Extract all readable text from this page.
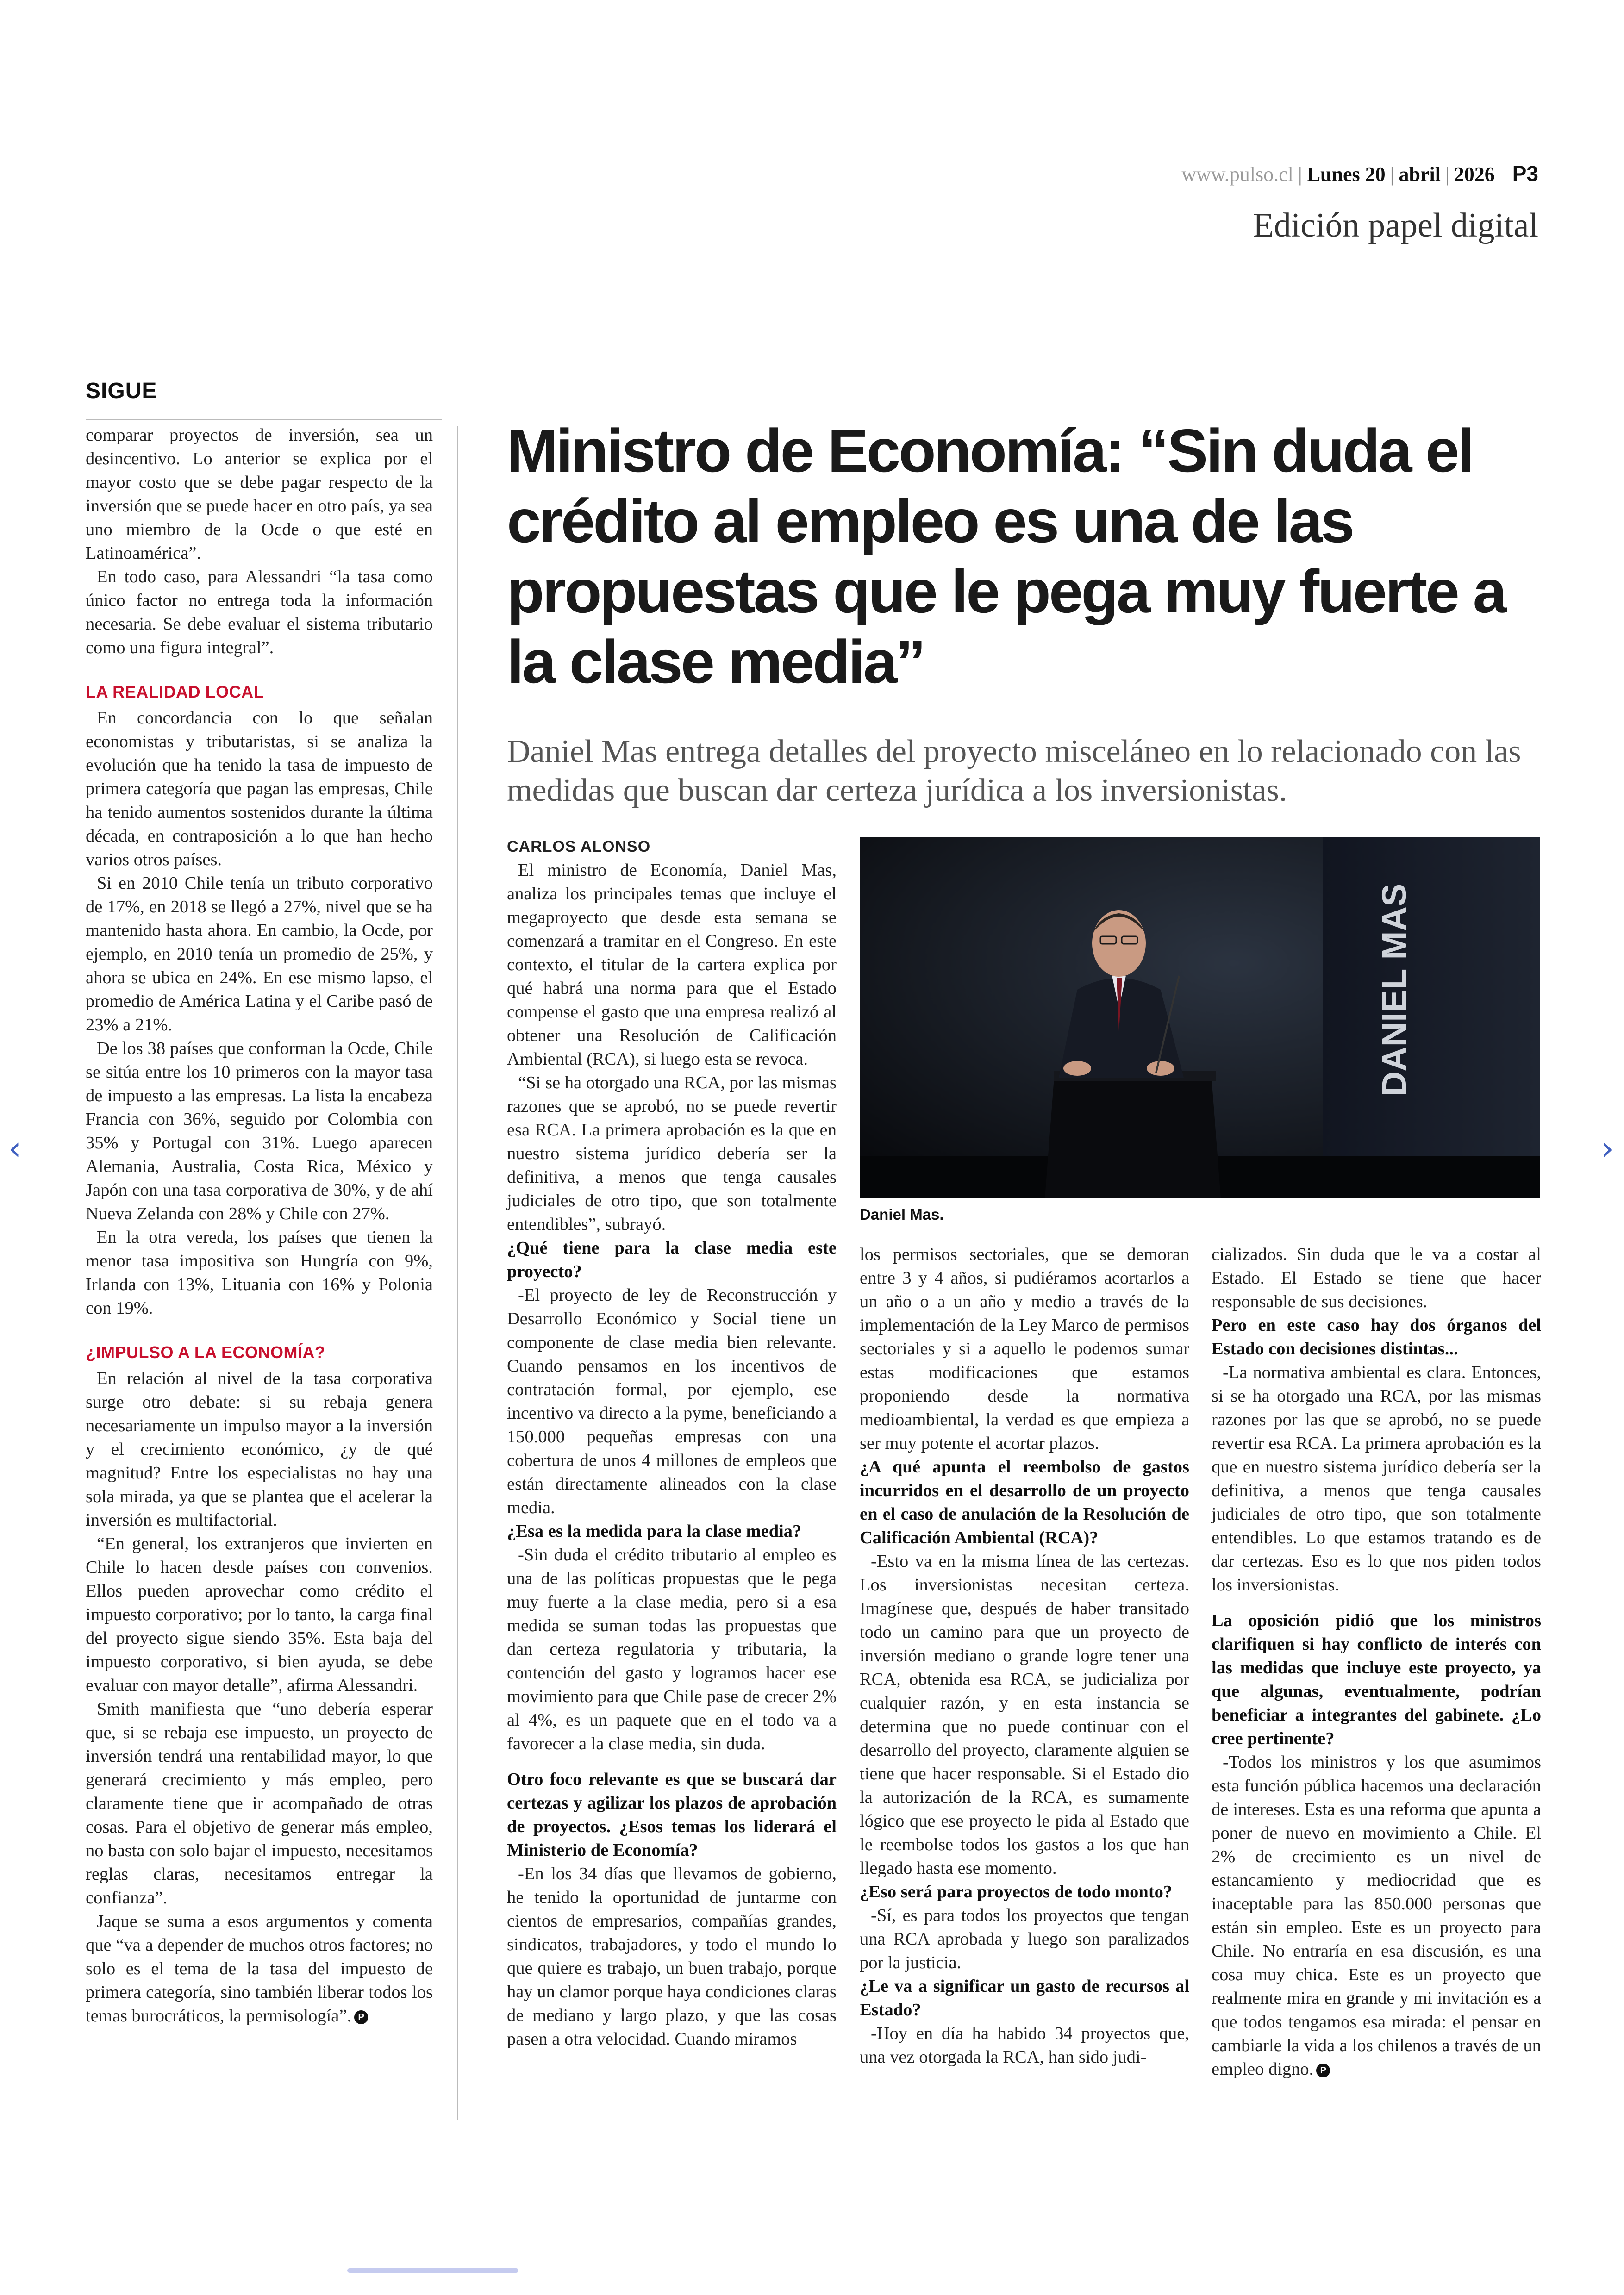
www.pulso.cl | Lunes 20 | abril | 2026 P3
Edición papel digital
SIGUE

comparar proyectos de inversión, sea un desincentivo. Lo anterior se explica por el mayor costo que se debe pagar respecto de la inversión que se puede hacer en otro país, ya sea uno miembro de la Ocde o que esté en Latinoamérica”.

En todo caso, para Alessandri “la tasa como único factor no entrega toda la información necesaria. Se debe evaluar el sistema tributario como una figura integral”.

LA REALIDAD LOCAL

En concordancia con lo que señalan economistas y tributaristas, si se analiza la evolución que ha tenido la tasa de impuesto de primera categoría que pagan las empresas, Chile ha tenido aumentos sostenidos durante la última década, en contraposición a lo que han hecho varios otros países.

Si en 2010 Chile tenía un tributo corporativo de 17%, en 2018 se llegó a 27%, nivel que se ha mantenido hasta ahora. En cambio, la Ocde, por ejemplo, en 2010 tenía un promedio de 25%, y ahora se ubica en 24%. En ese mismo lapso, el promedio de América Latina y el Caribe pasó de 23% a 21%.

De los 38 países que conforman la Ocde, Chile se sitúa entre los 10 primeros con la mayor tasa de impuesto a las empresas. La lista la encabeza Francia con 36%, seguido por Colombia con 35% y Portugal con 31%. Luego aparecen Alemania, Australia, Costa Rica, México y Japón con una tasa corporativa de 30%, y de ahí Nueva Zelanda con 28% y Chile con 27%.

En la otra vereda, los países que tienen la menor tasa impositiva son Hungría con 9%, Irlanda con 13%, Lituania con 16% y Polonia con 19%.

¿IMPULSO A LA ECONOMÍA?

En relación al nivel de la tasa corporativa surge otro debate: si su rebaja genera necesariamente un impulso mayor a la inversión y el crecimiento económico, ¿y de qué magnitud? Entre los especialistas no hay una sola mirada, ya que se plantea que el acelerar la inversión es multifactorial.

“En general, los extranjeros que invierten en Chile lo hacen desde países con convenios. Ellos pueden aprovechar como crédito el impuesto corporativo; por lo tanto, la carga final del proyecto sigue siendo 35%. Esta baja del impuesto corporativo, si bien ayuda, se debe evaluar con mayor detalle”, afirma Alessandri.

Smith manifiesta que “uno debería esperar que, si se rebaja ese impuesto, un proyecto de inversión tendrá una rentabilidad mayor, lo que generará crecimiento y más empleo, pero claramente tiene que ir acompañado de otras cosas. Para el objetivo de generar más empleo, no basta con solo bajar el impuesto, necesitamos reglas claras, necesitamos entregar la confianza”.

Jaque se suma a esos argumentos y comenta que “va a depender de muchos otros factores; no solo es el tema de la tasa del impuesto de primera categoría, sino también liberar todos los temas burocráticos, la permisología”. P

Ministro de Economía: “Sin duda el crédito al empleo es una de las propuestas que le pega muy fuerte a la clase media”
Daniel Mas entrega detalles del proyecto misceláneo en lo relacionado con las medidas que buscan dar certeza jurídica a los inversionistas.
CARLOS ALONSO
DANIEL MAS
Daniel Mas.

El ministro de Economía, Daniel Mas, analiza los principales temas que incluye el megaproyecto que desde esta semana se comenzará a tramitar en el Congreso. En este contexto, el titular de la cartera explica por qué habrá una norma para que el Estado compense el gasto que una empresa realizó al obtener una Resolución de Calificación Ambiental (RCA), si luego esta se revoca.

“Si se ha otorgado una RCA, por las mismas razones que se aprobó, no se puede revertir esa RCA. La primera aprobación es la que en nuestro sistema jurídico debería ser la definitiva, a menos que tenga causales judiciales de otro tipo, que son totalmente entendibles”, subrayó.

¿Qué tiene para la clase media este proyecto?

-El proyecto de ley de Reconstrucción y Desarrollo Económico y Social tiene un componente de clase media bien relevante. Cuando pensamos en los incentivos de contratación formal, por ejemplo, ese incentivo va directo a la pyme, beneficiando a 150.000 pequeñas empresas con una cobertura de unos 4 millones de empleos que están directamente alineados con la clase media.

¿Esa es la medida para la clase media?

-Sin duda el crédito tributario al empleo es una de las políticas propuestas que le pega muy fuerte a la clase media, pero si a esa medida se suman todas las propuestas que dan certeza regulatoria y tributaria, la contención del gasto y logramos hacer ese movimiento para que Chile pase de crecer 2% al 4%, es un paquete que en el todo va a favorecer a la clase media, sin duda.

Otro foco relevante es que se buscará dar certezas y agilizar los plazos de aprobación de proyectos. ¿Esos temas los liderará el Ministerio de Economía?

-En los 34 días que llevamos de gobierno, he tenido la oportunidad de juntarme con cientos de empresarios, compañías grandes, sindicatos, trabajadores, y todo el mundo lo que quiere es trabajo, un buen trabajo, porque hay un clamor porque haya condiciones claras de mediano y largo plazo, y que las cosas pasen a otra velocidad. Cuando miramos

los permisos sectoriales, que se demoran entre 3 y 4 años, si pudiéramos acortarlos a un año o a un año y medio a través de la implementación de la Ley Marco de permisos sectoriales y si a aquello le podemos sumar estas modificaciones que estamos proponiendo desde la normativa medioambiental, la verdad es que empieza a ser muy potente el acortar plazos.

¿A qué apunta el reembolso de gastos incurridos en el desarrollo de un proyecto en el caso de anulación de la Resolución de Calificación Ambiental (RCA)?

-Esto va en la misma línea de las certezas. Los inversionistas necesitan certeza. Imagínese que, después de haber transitado todo un camino para que un proyecto de inversión mediano o grande logre tener una RCA, obtenida esa RCA, se judicializa por cualquier razón, y en esta instancia se determina que no puede continuar con el desarrollo del proyecto, claramente alguien se tiene que hacer responsable. Si el Estado dio la autorización de la RCA, es sumamente lógico que ese proyecto le pida al Estado que le reembolse todos los gastos a los que han llegado hasta ese momento.

¿Eso será para proyectos de todo monto?

-Sí, es para todos los proyectos que tengan una RCA aprobada y luego son paralizados por la justicia.

¿Le va a significar un gasto de recursos al Estado?

-Hoy en día ha habido 34 proyectos que, una vez otorgada la RCA, han sido judi-

cializados. Sin duda que le va a costar al Estado. El Estado se tiene que hacer responsable de sus decisiones.

Pero en este caso hay dos órganos del Estado con decisiones distintas...

-La normativa ambiental es clara. Entonces, si se ha otorgado una RCA, por las mismas razones por las que se aprobó, no se puede revertir esa RCA. La primera aprobación es la que en nuestro sistema jurídico debería ser la definitiva, a menos que tenga causales judiciales de otro tipo, que son totalmente entendibles. Lo que estamos tratando es de dar certezas. Eso es lo que nos piden todos los inversionistas.

La oposición pidió que los ministros clarifiquen si hay conflicto de interés con las medidas que incluye este proyecto, ya que algunas, eventualmente, podrían beneficiar a integrantes del gabinete. ¿Lo cree pertinente?

-Todos los ministros y los que asumimos esta función pública hacemos una declaración de intereses. Esta es una reforma que apunta a poner de nuevo en movimiento a Chile. El 2% de crecimiento es un nivel de estancamiento y mediocridad que es inaceptable para las 850.000 personas que están sin empleo. Este es un proyecto para Chile. No entraría en esa discusión, es una cosa muy chica. Este es un proyecto que realmente mira en grande y mi invitación es a que todos tengamos esa mirada: el pensar en cambiarle la vida a los chilenos a través de un empleo digno. P

‹	›
